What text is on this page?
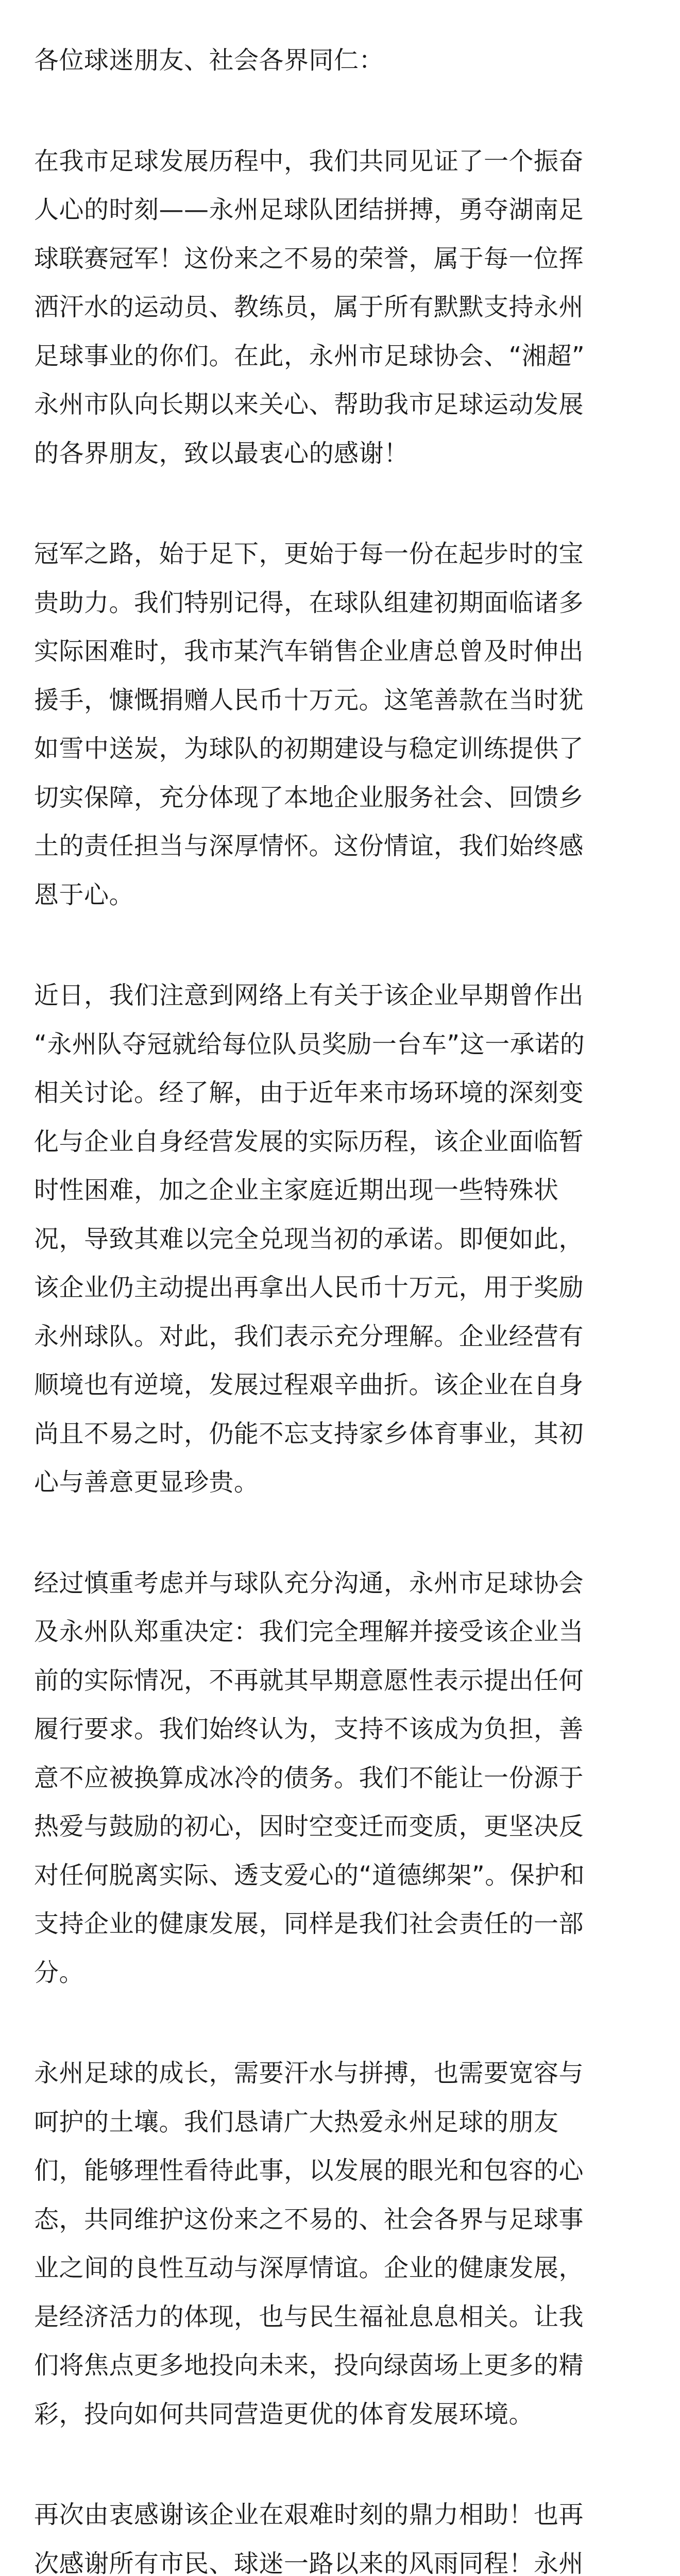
各位球迷朋友、社会各界同仁：
在我市足球发展历程中，我们共同见证了一个振奋
人心的时刻——永州足球队团结拼搏，勇夺湖南足
球联赛冠军！这份来之不易的荣誉，属于每一位挥
洒汗水的运动员、教练员，属于所有默默支持永州
足球事业的你们。在此，永州市足球协会、“湘超”
永州市队向长期以来关心、帮助我市足球运动发展
的各界朋友，致以最衷心的感谢！
冠军之路，始于足下，更始于每一份在起步时的宝
贵助力。我们特别记得，在球队组建初期面临诸多
实际困难时，我市某汽车销售企业唐总曾及时伸出
援手，慷慨捐赠人民币十万元。这笔善款在当时犹
如雪中送炭，为球队的初期建设与稳定训练提供了
切实保障，充分体现了本地企业服务社会、回馈乡
土的责任担当与深厚情怀。这份情谊，我们始终感
恩于心。
近日，我们注意到网络上有关于该企业早期曾作出
“永州队夺冠就给每位队员奖励一台车”这一承诺的
相关讨论。经了解，由于近年来市场环境的深刻变
化与企业自身经营发展的实际历程，该企业面临暂
时性困难，加之企业主家庭近期出现一些特殊状
况，导致其难以完全兑现当初的承诺。即便如此，
该企业仍主动提出再拿出人民币十万元，用于奖励
永州球队。对此，我们表示充分理解。企业经营有
顺境也有逆境，发展过程艰辛曲折。该企业在自身
尚且不易之时，仍能不忘支持家乡体育事业，其初
心与善意更显珍贵。
经过慎重考虑并与球队充分沟通，永州市足球协会
及永州队郑重决定：我们完全理解并接受该企业当
前的实际情况，不再就其早期意愿性表示提出任何
履行要求。我们始终认为，支持不该成为负担，善
意不应被换算成冰冷的债务。我们不能让一份源于
热爱与鼓励的初心，因时空变迁而变质，更坚决反
对任何脱离实际、透支爱心的“道德绑架”。保护和
支持企业的健康发展，同样是我们社会责任的一部
分。
永州足球的成长，需要汗水与拼搏，也需要宽容与
呵护的土壤。我们恳请广大热爱永州足球的朋友
们，能够理性看待此事，以发展的眼光和包容的心
态，共同维护这份来之不易的、社会各界与足球事
业之间的良性互动与深厚情谊。企业的健康发展，
是经济活力的体现，也与民生福祉息息相关。让我
们将焦点更多地投向未来，投向绿茵场上更多的精
彩，投向如何共同营造更优的体育发展环境。
再次由衷感谢该企业在艰难时刻的鼎力相助！也再
次感谢所有市民、球迷一路以来的风雨同程！永州
